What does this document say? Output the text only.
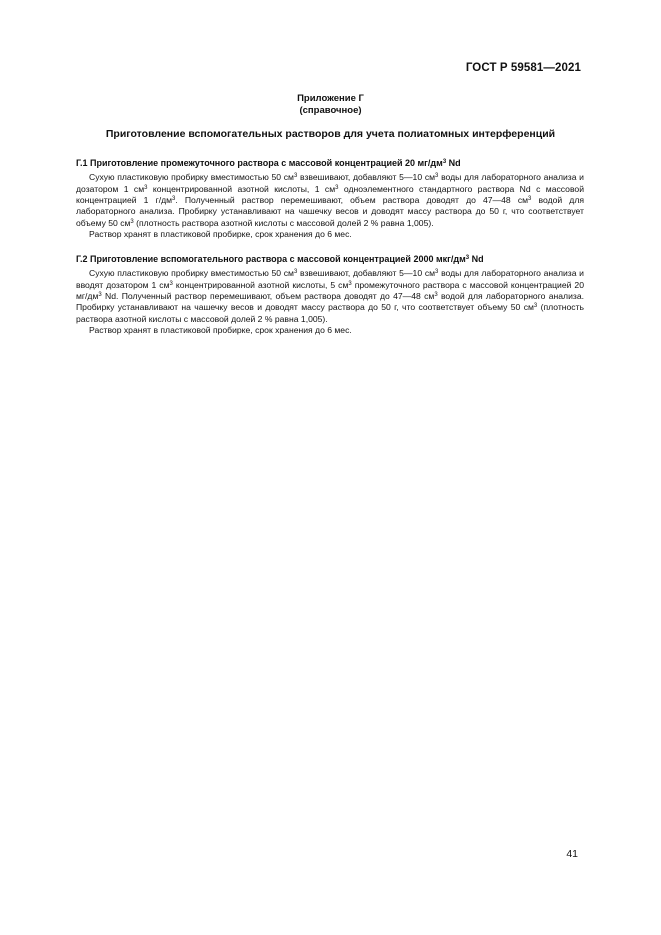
ГОСТ Р 59581—2021
Приложение Г
(справочное)
Приготовление вспомогательных растворов для учета полиатомных интерференций
Г.1 Приготовление промежуточного раствора с массовой концентрацией 20 $мг/дм^3$ Nd

Сухую пластиковую пробирку вместимостью 50 $см^3$ взвешивают, добавляют 5—10 $см^3$ воды для лабораторного анализа и дозатором 1 $см^3$ концентрированной азотной кислоты, 1 $см^3$ одноэлементного стандартного раствора Nd с массовой концентрацией 1 $г/дм^3$. Полученный раствор перемешивают, объем раствора доводят до 47—48 $см^3$ водой для лабораторного анализа. Пробирку устанавливают на чашечку весов и доводят массу раствора до 50 г, что соответствует объему 50 $см^3$ (плотность раствора азотной кислоты с массовой долей 2 % равна 1,005).

Раствор хранят в пластиковой пробирке, срок хранения до 6 мес.

Г.2 Приготовление вспомогательного раствора с массовой концентрацией 2000 мкг/$дм^3$ Nd

Сухую пластиковую пробирку вместимостью 50 $см^3$ взвешивают, добавляют 5—10 $см^3$ воды для лабораторного анализа и вводят дозатором 1 $см^3$ концентрированной азотной кислоты, 5 $см^3$ промежуточного раствора с массовой концентрацией 20 $мг/дм^3$ Nd. Полученный раствор перемешивают, объем раствора доводят до 47—48 $см^3$ водой для лабораторного анализа. Пробирку устанавливают на чашечку весов и доводят массу раствора до 50 г, что соответствует объему 50 $см^3$ (плотность раствора азотной кислоты с массовой долей 2 % равна 1,005).

Раствор хранят в пластиковой пробирке, срок хранения до 6 мес.

41
